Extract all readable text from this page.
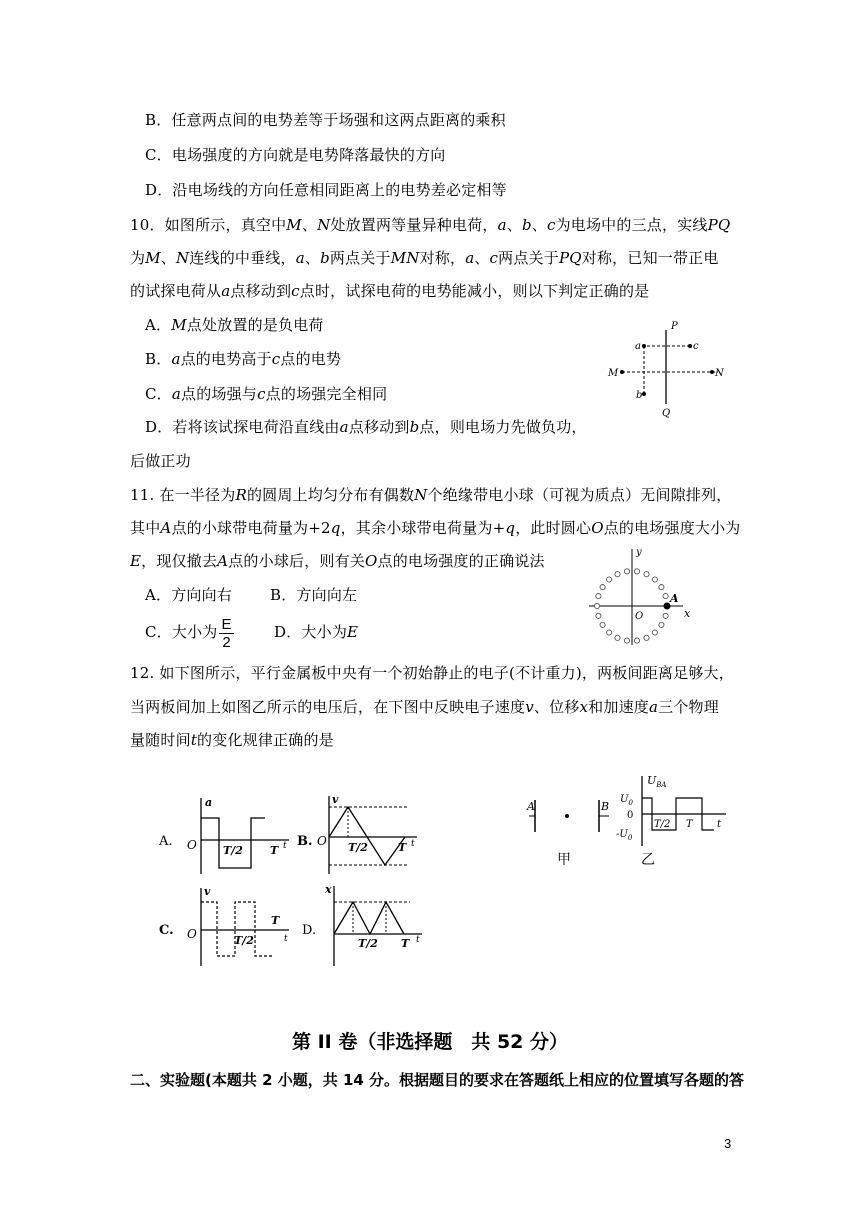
B．任意两点间的电势差等于场强和这两点距离的乘积
C．电场强度的方向就是电势降落最快的方向
D．沿电场线的方向任意相同距离上的电势差必定相等
10．如图所示，真空中M、N处放置两等量异种电荷，a、b、c为电场中的三点，实线PQ
为M、N连线的中垂线，a、b两点关于MN对称，a、c两点关于PQ对称，已知一带正电
的试探电荷从a点移动到c点时，试探电荷的电势能减小，则以下判定正确的是
A．M点处放置的是负电荷
B．a点的电势高于c点的电势
C．a点的场强与c点的场强完全相同
D．若将该试探电荷沿直线由a点移动到b点，则电场力先做负功，
后做正功
P
Q
a	c
M	N
b
11. 在一半径为R的圆周上均匀分布有偶数N个绝缘带电小球（可视为质点）无间隙排列，
其中A点的小球带电荷量为+2q，其余小球带电荷量为+q，此时圆心O点的电场强度大小为
E，现仅撤去A点的小球后，则有关O点的电场强度的正确说法
A．方向向右	B．方向向左
C．大小为 $\frac{E}{2}$	D．大小为E
y
x
O
A
12. 如下图所示，平行金属板中央有一个初始静止的电子(不计重力)，两板间距离足够大，
当两板间加上如图乙所示的电压后，在下图中反映电子速度v、位移x和加速度a三个物理
量随时间t的变化规律正确的是
A. O
a
T/2 T t B. O
v
T/2	T t
C. O
v
T/2
T
t
D.
x
T/2 T t
A	B
甲
$U_{BA}$
$U_0$
0
$-U_0$
T/2 T t
乙
第 II 卷（非选择题　共 52 分）
二、实验题(本题共 2 小题，共 14 分。根据题目的要求在答题纸上相应的位置填写各题的答
3
